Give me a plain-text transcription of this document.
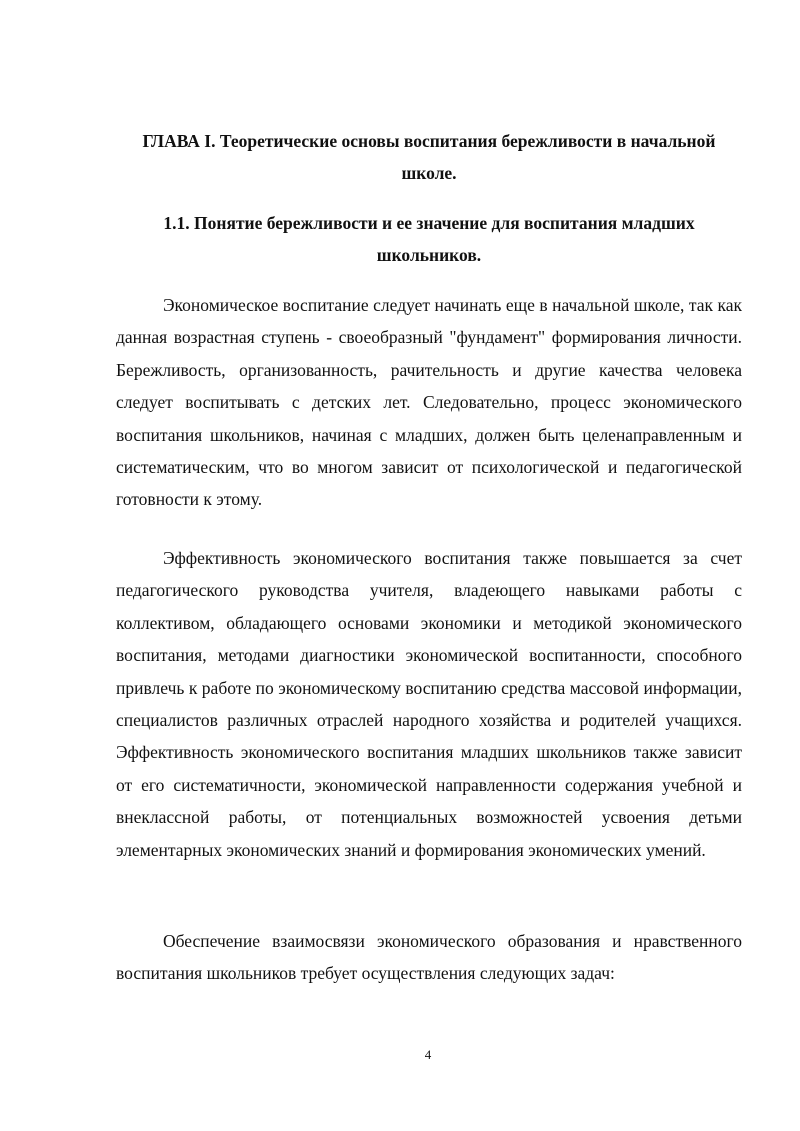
ГЛАВА I. Теоретические основы воспитания бережливости в начальной школе.
1.1. Понятие бережливости и ее значение для воспитания младших школьников.

Экономическое воспитание следует начинать еще в начальной школе, так как данная возрастная ступень - своеобразный "фундамент" формирования личности. Бережливость, организованность, рачительность и другие качества человека следует воспитывать с детских лет. Следовательно, процесс экономического воспитания школьников, начиная с младших, должен быть целенаправленным и систематическим, что во многом зависит от психологической и педагогической готовности к этому.

Эффективность экономического воспитания также повышается за счет педагогического руководства учителя, владеющего навыками работы с коллективом, обладающего основами экономики и методикой экономического воспитания, методами диагностики экономической воспитанности, способного привлечь к работе по экономическому воспитанию средства массовой информации, специалистов различных отраслей народного хозяйства и родителей учащихся. Эффективность экономического воспитания младших школьников также зависит от его систематичности, экономической направленности содержания учебной и внеклассной работы, от потенциальных возможностей усвоения детьми элементарных экономических знаний и формирования экономических умений.

Обеспечение взаимосвязи экономического образования и нравственного воспитания школьников требует осуществления следующих задач:

4
